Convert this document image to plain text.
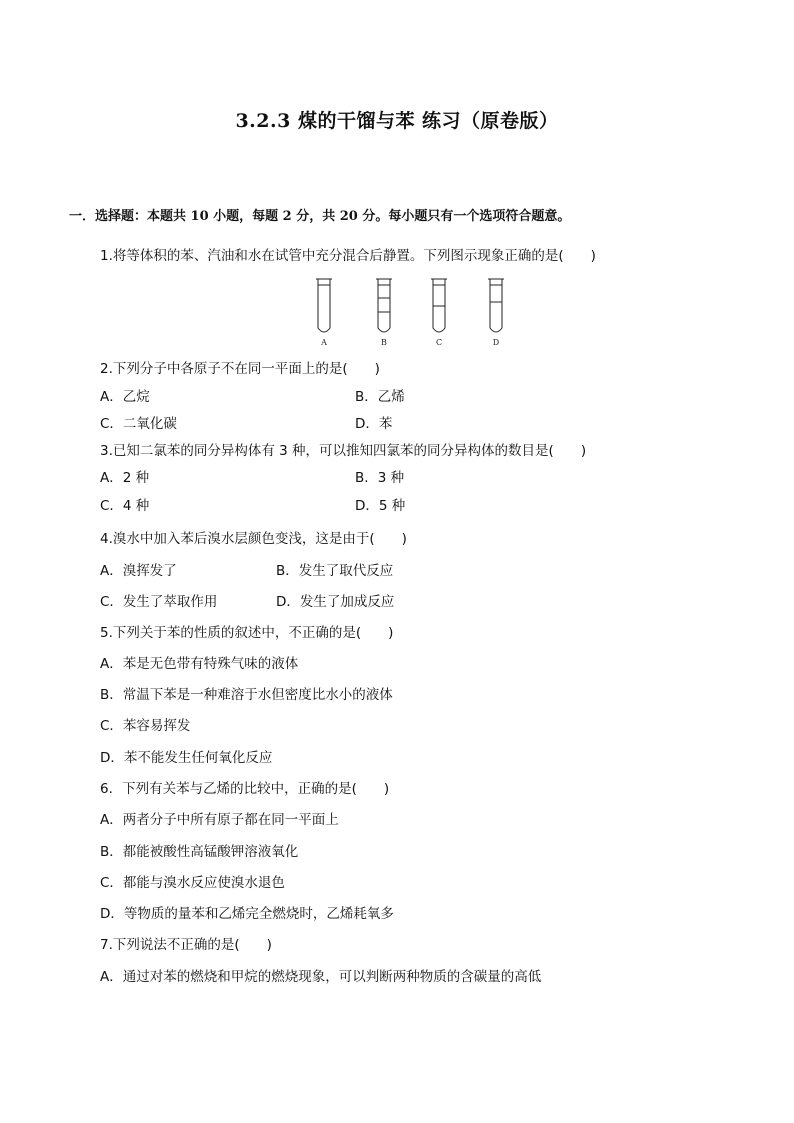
3.2.3 煤的干馏与苯 练习（原卷版）
一．选择题：本题共 10 小题，每题 2 分，共 20 分。每小题只有一个选项符合题意。
1.将等体积的苯、汽油和水在试管中充分混合后静置。下列图示现象正确的是(　　)
A	B	C	D
2.下列分子中各原子不在同一平面上的是(　　)
A．乙烷	B．乙烯
C．二氧化碳	D．苯
3.已知二氯苯的同分异构体有 3 种，可以推知四氯苯的同分异构体的数目是(　　)
A．2 种	B．3 种
C．4 种	D．5 种
4.溴水中加入苯后溴水层颜色变浅，这是由于(　　)
A．溴挥发了	B．发生了取代反应
C．发生了萃取作用	D．发生了加成反应
5.下列关于苯的性质的叙述中，不正确的是(　　)
A．苯是无色带有特殊气味的液体
B．常温下苯是一种难溶于水但密度比水小的液体
C．苯容易挥发
D．苯不能发生任何氧化反应
6．下列有关苯与乙烯的比较中，正确的是(　　)
A．两者分子中所有原子都在同一平面上
B．都能被酸性高锰酸钾溶液氧化
C．都能与溴水反应使溴水退色
D．等物质的量苯和乙烯完全燃烧时，乙烯耗氧多
7.下列说法不正确的是(　　)
A．通过对苯的燃烧和甲烷的燃烧现象，可以判断两种物质的含碳量的高低
